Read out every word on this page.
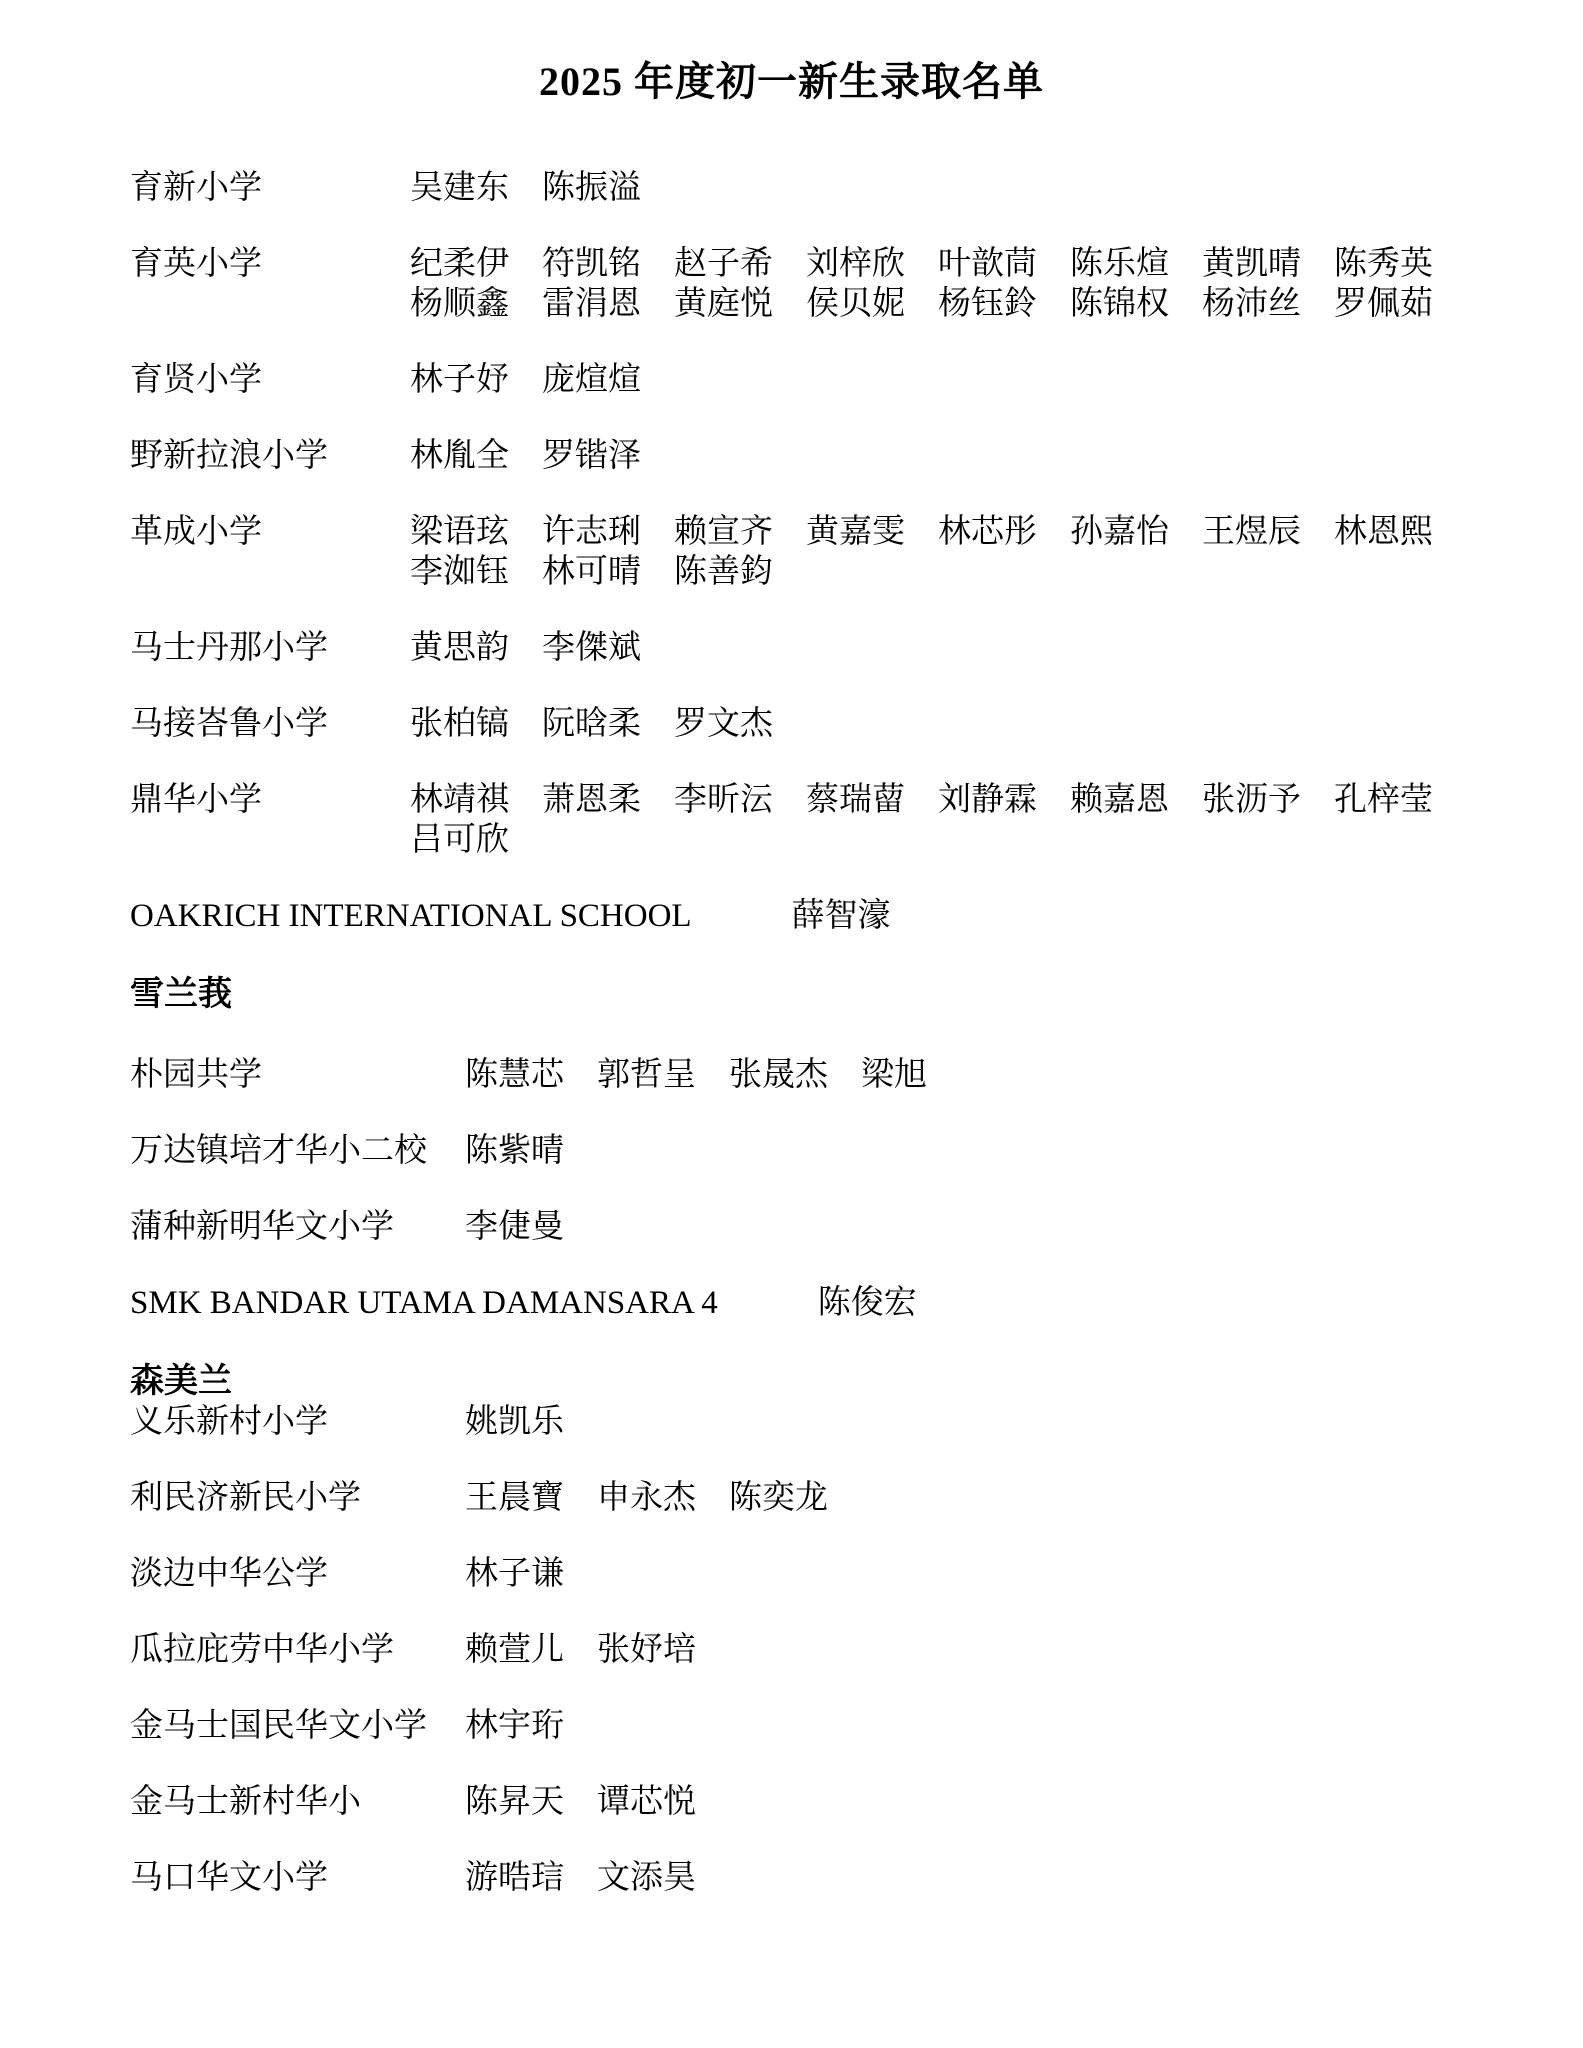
2025 年度初一新生录取名单
育新小学	吴建东	陈振溢
育英小学	纪柔伊	符凯铭	赵子希	刘梓欣	叶歆茼	陈乐煊	黄凯晴	陈秀英
杨顺鑫	雷涓恩	黄庭悦	侯贝妮	杨钰鈴	陈锦权	杨沛丝	罗佩茹
育贤小学	林子妤	庞煊煊
野新拉浪小学	林胤全	罗锴泽
革成小学	梁语玹	许志琍	赖宣齐	黄嘉雯	林芯彤	孙嘉怡	王煜辰	林恩熙
李洳钰	林可晴	陈善鈞
马士丹那小学	黄思韵	李傑斌
马接峇鲁小学	张柏镐	阮晗柔	罗文杰
鼎华小学	林靖祺	萧恩柔	李昕沄	蔡瑞蒥	刘静霖	赖嘉恩	张沥予	孔梓莹
吕可欣
OAKRICH INTERNATIONAL SCHOOL	薛智濠
雪兰莪
朴园共学	陈慧芯	郭哲呈	张晟杰	梁旭
万达镇培才华小二校	陈紫晴
蒲种新明华文小学	李倢曼
SMK BANDAR UTAMA DAMANSARA 4	陈俊宏
森美兰
义乐新村小学	姚凯乐
利民济新民小学	王晨寶	申永杰	陈奕龙
淡边中华公学	林子谦
瓜拉庇劳中华小学	赖萱儿	张妤培
金马士国民华文小学	林宇珩
金马士新村华小	陈昇天	谭芯悦
马口华文小学	游晧琂	文添昊
